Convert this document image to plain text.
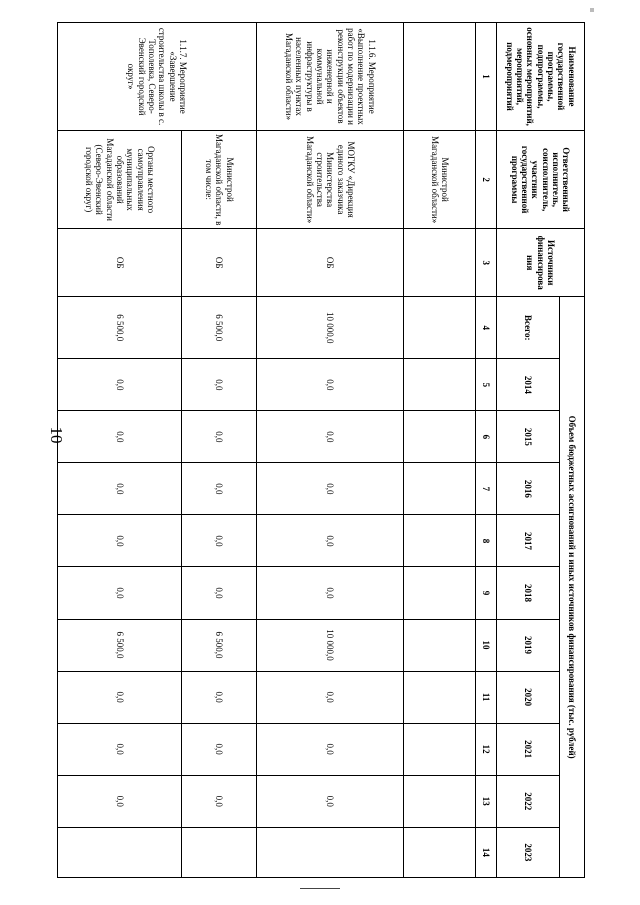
10
Наименование государственной программы, подпрограммы, основных мероприятий, мероприятий, подмероприятий	Ответственный исполнитель, соисполнитель, участник государственной программы	Источники финансирова ния	Объем бюджетных ассигнований и иных источников финансирования (тыс. рублей)										
			Всего:	2014	2015	2016	2017	2018	2019	2020	2021	2022	2023
1	2	3	4	5	6	7	8	9	10	11	12	13	14
	Министрой Магаданской области»												
1.1.6. Мероприятие «Выполнение проектных работ по модернизации и реконструкции объектов инженерной и коммунальной инфраструктуры в населенных пунктах Магаданской области»	МОГКУ «Дирекция единого заказчика Министерства строительства Магаданской области»	ОБ	10 000,0	0,0	0,0	0,0	0,0	0,0	10 000,0	0,0	0,0	0,0	
1.1.7. Мероприятие «Завершение строительства школы в с. Тополевка, Северо-Эвенский городской округ»	Министрой Магаданской области, в том числе:	ОБ	6 500,0	0,0	0,0	0,0	0,0	0,0	6 500,0	0,0	0,0	0,0	
	Органы местного самоуправления муниципальных образований Магаданской области (Северо-Эвенский городской округ)	ОБ	6 500,0	0,0	0,0	0,0	0,0	0,0	6 500,0	0,0	0,0	0,0	
